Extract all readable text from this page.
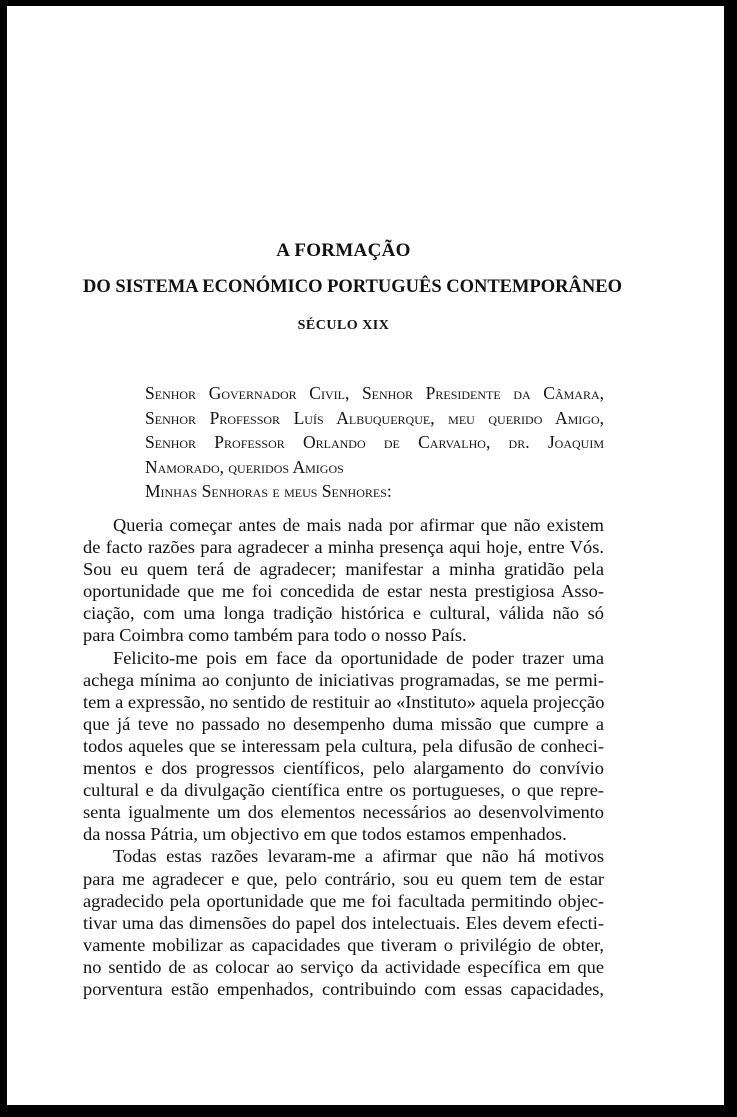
A FORMAÇÃO
DO SISTEMA ECONÓMICO PORTUGUÊS CONTEMPORÂNEO
SÉCULO XIX
Senhor Governador Civil, Senhor Presidente da Câmara,
Senhor Professor Luís Albuquerque, meu querido Amigo,
Senhor Professor Orlando de Carvalho, dr. Joaquim
Namorado, queridos Amigos
Minhas Senhoras e meus Senhores:
Queria começar antes de mais nada por afirmar que não existem
de facto razões para agradecer a minha presença aqui hoje, entre Vós.
Sou eu quem terá de agradecer; manifestar a minha gratidão pela
oportunidade que me foi concedida de estar nesta prestigiosa Asso-
ciação, com uma longa tradição histórica e cultural, válida não só
para Coimbra como também para todo o nosso País.
Felicito-me pois em face da oportunidade de poder trazer uma
achega mínima ao conjunto de iniciativas programadas, se me permi-
tem a expressão, no sentido de restituir ao «Instituto» aquela projecção
que já teve no passado no desempenho duma missão que cumpre a
todos aqueles que se interessam pela cultura, pela difusão de conheci-
mentos e dos progressos científicos, pelo alargamento do convívio
cultural e da divulgação científica entre os portugueses, o que repre-
senta igualmente um dos elementos necessários ao desenvolvimento
da nossa Pátria, um objectivo em que todos estamos empenhados.
Todas estas razões levaram-me a afirmar que não há motivos
para me agradecer e que, pelo contrário, sou eu quem tem de estar
agradecido pela oportunidade que me foi facultada permitindo objec-
tivar uma das dimensões do papel dos intelectuais. Eles devem efecti-
vamente mobilizar as capacidades que tiveram o privilégio de obter,
no sentido de as colocar ao serviço da actividade específica em que
porventura estão empenhados, contribuindo com essas capacidades,
